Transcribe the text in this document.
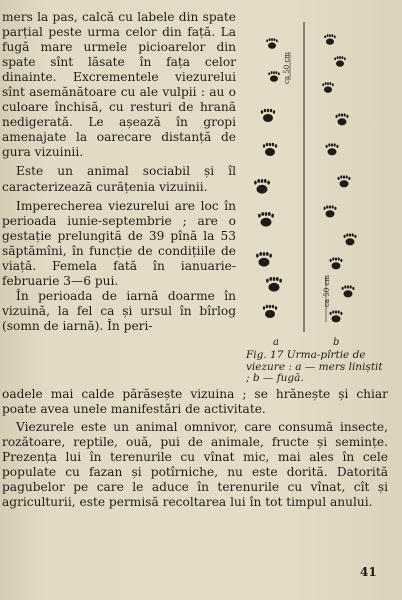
mers la pas, calcă cu labele din spate parțial peste urma celor din față. La fugă mare urmele picioarelor din spate sînt lăsate în fața celor dinainte. Excrementele viezurelui sînt asemănătoare cu ale vulpii : au o culoare închisă, cu resturi de hrană nedigerată. Le așează în gropi amenajate la oarecare distanță de gura vizuinii.

Este un animal sociabil și îl caracterizează curățenia vizuinii.

Imperecherea viezurelui are loc în perioada iunie-septembrie ; are o gestație prelungită de 39 pînă la 53 săptămîni, în funcție de condițiile de viață. Femela fată în ianuarie-februarie 3—6 pui.

În perioada de iarnă doarme în vizuină, la fel ca și ursul în bîrlog (somn de iarnă). În peri-

ca 50 cm
ca 50 cm
a	b
Fig. 17 Urma-pîrtie de viezure : a — mers liniștit ; b — fugă.

oadele mai calde părăsește vizuina ; se hrănește și chiar poate avea unele manifestări de activitate.

Viezurele este un animal omnivor, care consumă insecte, rozătoare, reptile, ouă, pui de animale, fructe și semințe. Prezența lui în terenurile cu vînat mic, mai ales în cele populate cu fazan și potîrniche, nu este dorită. Datorită pagubelor pe care le aduce în terenurile cu vînat, cît și agriculturii, este permisă recoltarea lui în tot timpul anului.

41
